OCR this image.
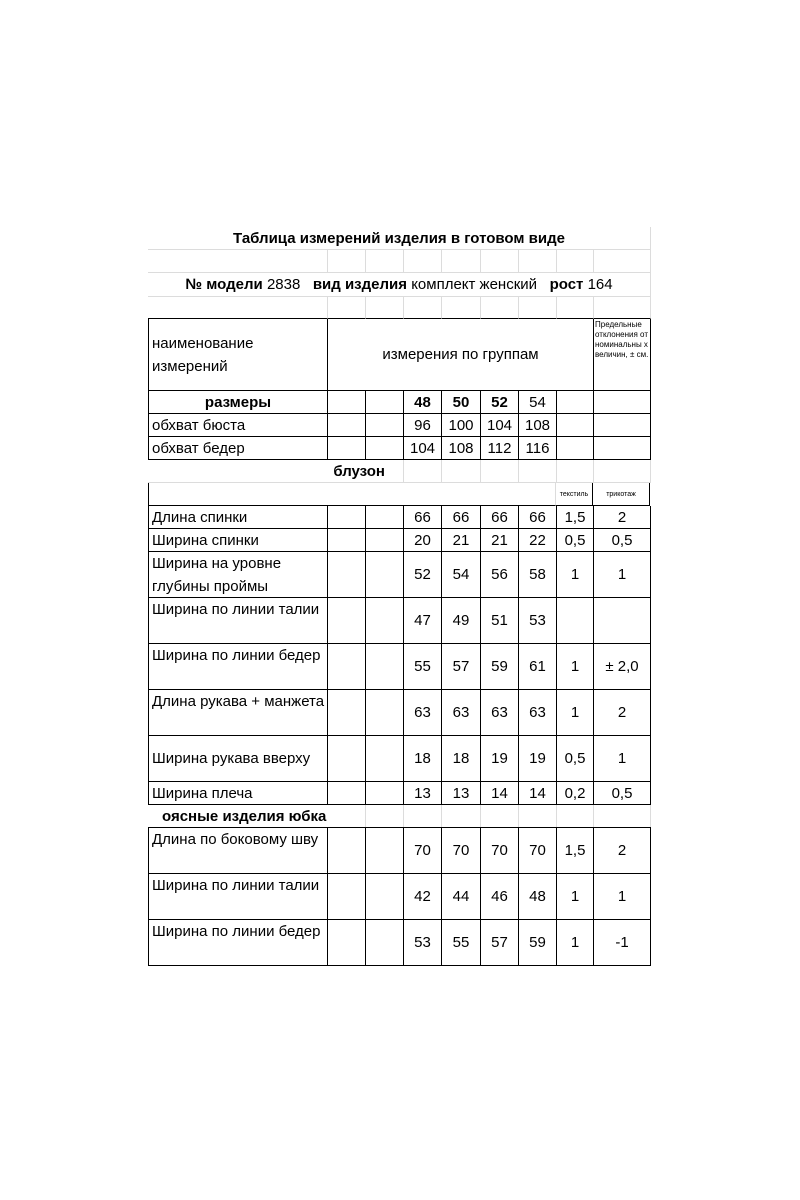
Таблица измерений изделия в готовом виде
№ модели 2838 вид изделия комплект женский рост 164
наименование измерений
измерения по группам
Предельные отклонения от номинальны х величин, ± см.
размеры	48	50	52	54
обхват бюста	96	100 104 108
обхват бедер	104 108 112 116
блузон
текстиль	трикотаж
Длина спинки	66	66	66	66	1,5	2
Ширина спинки	20	21	21	22	0,5	0,5
Ширина на уровне глубины проймы
52	54	56	58	1	1
Ширина по линии талии
47	49	51	53
Ширина по линии бедер
55	57	59	61	1	± 2,0
Длина рукава + манжета
63	63	63	63	1	2
Ширина рукава вверху	18	18	19	19	0,5	1
Ширина плеча	13	13	14	14	0,2	0,5
оясные изделия юбка
Длина по боковому шву
70	70	70	70	1,5	2
Ширина по линии талии
42	44	46	48	1	1
Ширина по линии бедер
53	55	57	59	1	-1
